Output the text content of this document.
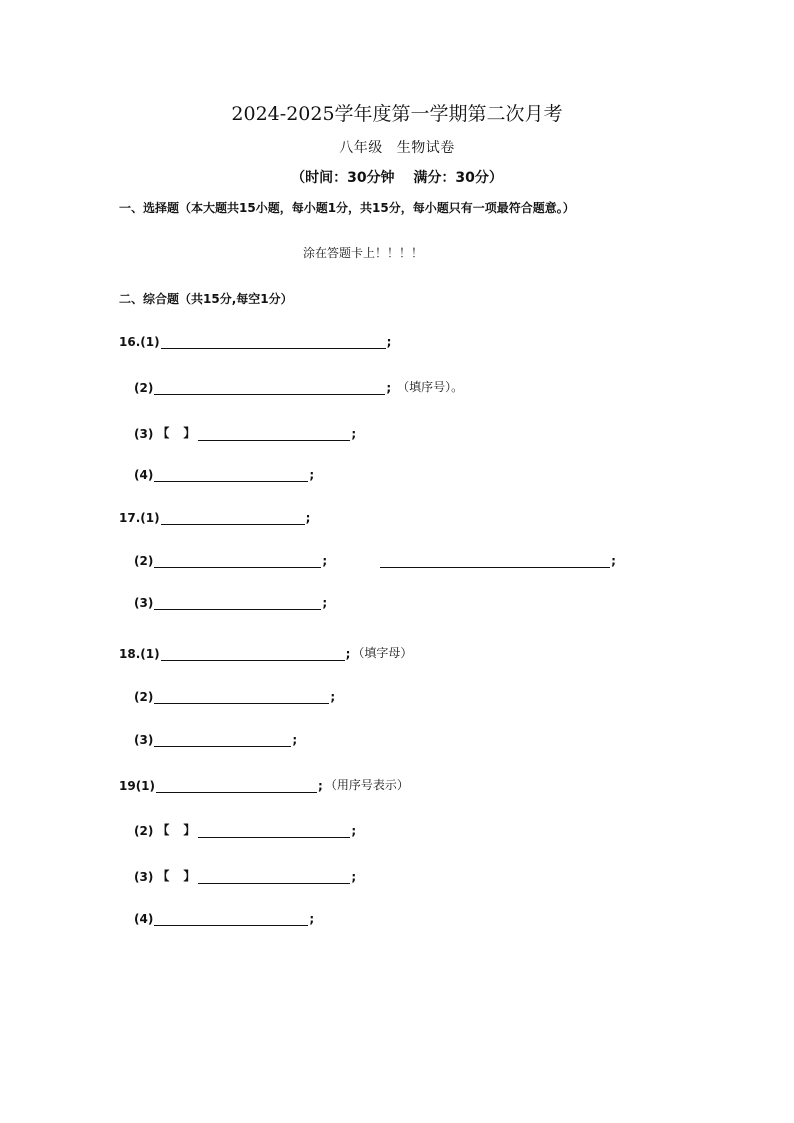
2024-2025学年度第一学期第二次月考
八年级 生物试卷
（时间：30分钟　 满分：30分）
一、选择题（本大题共15小题，每小题1分，共15分，每小题只有一项最符合题意。）
涂在答题卡上！！！！
二、综合题（共15分,每空1分）
16.(1)	;
(2)	; （填序号）。
(3) 【 】	;
(4)	;
17.(1)	;
(2)	;	;
(3)	;
18.(1)	; （填字母）
(2)	;
(3)	;
19(1)	; （用序号表示）
(2) 【 】	;
(3) 【 】	;
(4)	;
